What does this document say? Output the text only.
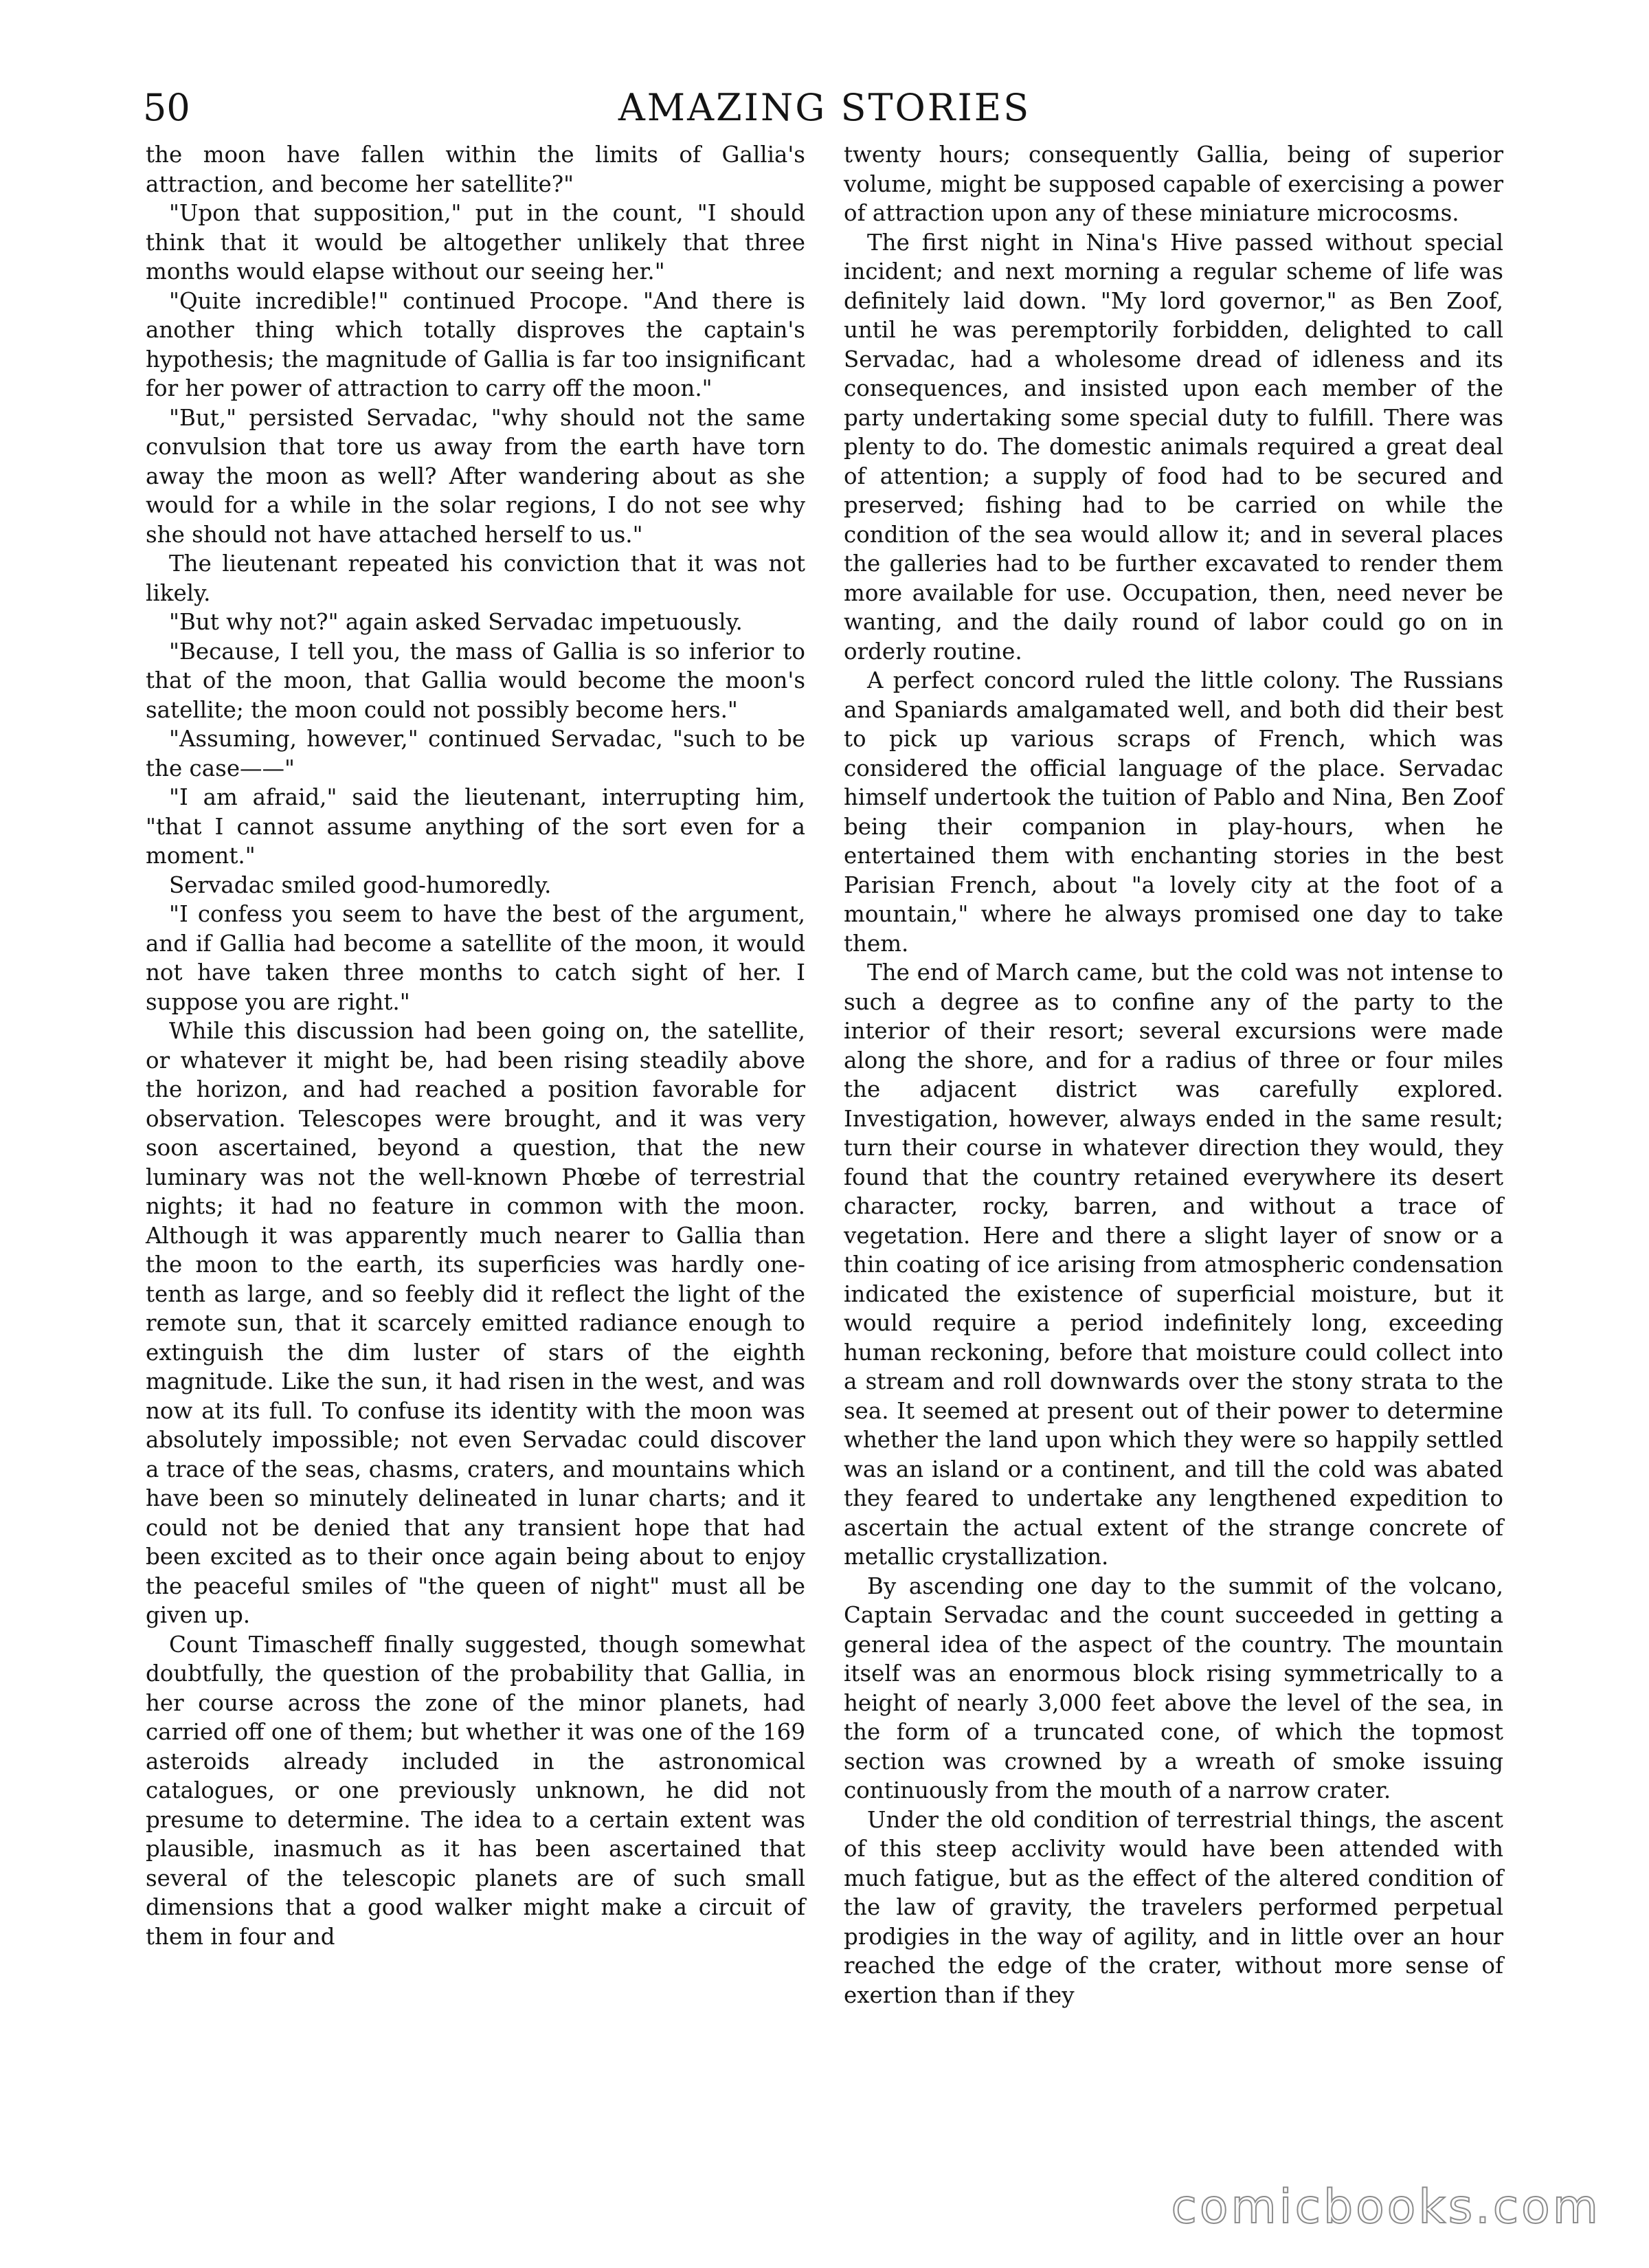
50	AMAZING STORIES

the moon have fallen within the limits of Gallia's attraction, and become her satellite?"

"Upon that supposition," put in the count, "I should think that it would be altogether unlikely that three months would elapse without our seeing her."

"Quite incredible!" continued Procope. "And there is another thing which totally disproves the captain's hypothesis; the magnitude of Gallia is far too insignificant for her power of attraction to carry off the moon."

"But," persisted Servadac, "why should not the same convulsion that tore us away from the earth have torn away the moon as well? After wandering about as she would for a while in the solar regions, I do not see why she should not have attached herself to us."

The lieutenant repeated his conviction that it was not likely.

"But why not?" again asked Servadac impetuously.

"Because, I tell you, the mass of Gallia is so inferior to that of the moon, that Gallia would become the moon's satellite; the moon could not possibly become hers."

"Assuming, however," continued Servadac, "such to be the case——"

"I am afraid," said the lieutenant, interrupting him, "that I cannot assume anything of the sort even for a moment."

Servadac smiled good-humoredly.

"I confess you seem to have the best of the argument, and if Gallia had become a satellite of the moon, it would not have taken three months to catch sight of her. I suppose you are right."

While this discussion had been going on, the satellite, or whatever it might be, had been rising steadily above the horizon, and had reached a position favorable for observation. Telescopes were brought, and it was very soon ascertained, beyond a question, that the new luminary was not the well-known Phœbe of terrestrial nights; it had no feature in common with the moon. Although it was apparently much nearer to Gallia than the moon to the earth, its superficies was hardly one-tenth as large, and so feebly did it reflect the light of the remote sun, that it scarcely emitted radiance enough to extinguish the dim luster of stars of the eighth magnitude. Like the sun, it had risen in the west, and was now at its full. To confuse its identity with the moon was absolutely impossible; not even Servadac could discover a trace of the seas, chasms, craters, and mountains which have been so minutely delineated in lunar charts; and it could not be denied that any transient hope that had been excited as to their once again being about to enjoy the peaceful smiles of "the queen of night" must all be given up.

Count Timascheff finally suggested, though somewhat doubtfully, the question of the probability that Gallia, in her course across the zone of the minor planets, had carried off one of them; but whether it was one of the 169 asteroids already included in the astronomical catalogues, or one previously unknown, he did not presume to determine. The idea to a certain extent was plausible, inasmuch as it has been ascertained that several of the telescopic planets are of such small dimensions that a good walker might make a circuit of them in four and

twenty hours; consequently Gallia, being of superior volume, might be supposed capable of exercising a power of attraction upon any of these miniature microcosms.

The first night in Nina's Hive passed without special incident; and next morning a regular scheme of life was definitely laid down. "My lord governor," as Ben Zoof, until he was peremptorily forbidden, delighted to call Servadac, had a wholesome dread of idleness and its consequences, and insisted upon each member of the party undertaking some special duty to fulfill. There was plenty to do. The domestic animals required a great deal of attention; a supply of food had to be secured and preserved; fishing had to be carried on while the condition of the sea would allow it; and in several places the galleries had to be further excavated to render them more available for use. Occupation, then, need never be wanting, and the daily round of labor could go on in orderly routine.

A perfect concord ruled the little colony. The Russians and Spaniards amalgamated well, and both did their best to pick up various scraps of French, which was considered the official language of the place. Servadac himself undertook the tuition of Pablo and Nina, Ben Zoof being their companion in play-hours, when he entertained them with enchanting stories in the best Parisian French, about "a lovely city at the foot of a mountain," where he always promised one day to take them.

The end of March came, but the cold was not intense to such a degree as to confine any of the party to the interior of their resort; several excursions were made along the shore, and for a radius of three or four miles the adjacent district was carefully explored. Investigation, however, always ended in the same result; turn their course in whatever direction they would, they found that the country retained everywhere its desert character, rocky, barren, and without a trace of vegetation. Here and there a slight layer of snow or a thin coating of ice arising from atmospheric condensation indicated the existence of superficial moisture, but it would require a period indefinitely long, exceeding human reckoning, before that moisture could collect into a stream and roll downwards over the stony strata to the sea. It seemed at present out of their power to determine whether the land upon which they were so happily settled was an island or a continent, and till the cold was abated they feared to undertake any lengthened expedition to ascertain the actual extent of the strange concrete of metallic crystallization.

By ascending one day to the summit of the volcano, Captain Servadac and the count succeeded in getting a general idea of the aspect of the country. The mountain itself was an enormous block rising symmetrically to a height of nearly 3,000 feet above the level of the sea, in the form of a truncated cone, of which the topmost section was crowned by a wreath of smoke issuing continuously from the mouth of a narrow crater.

Under the old condition of terrestrial things, the ascent of this steep acclivity would have been attended with much fatigue, but as the effect of the altered condition of the law of gravity, the travelers performed perpetual prodigies in the way of agility, and in little over an hour reached the edge of the crater, without more sense of exertion than if they

comicbooks.com
